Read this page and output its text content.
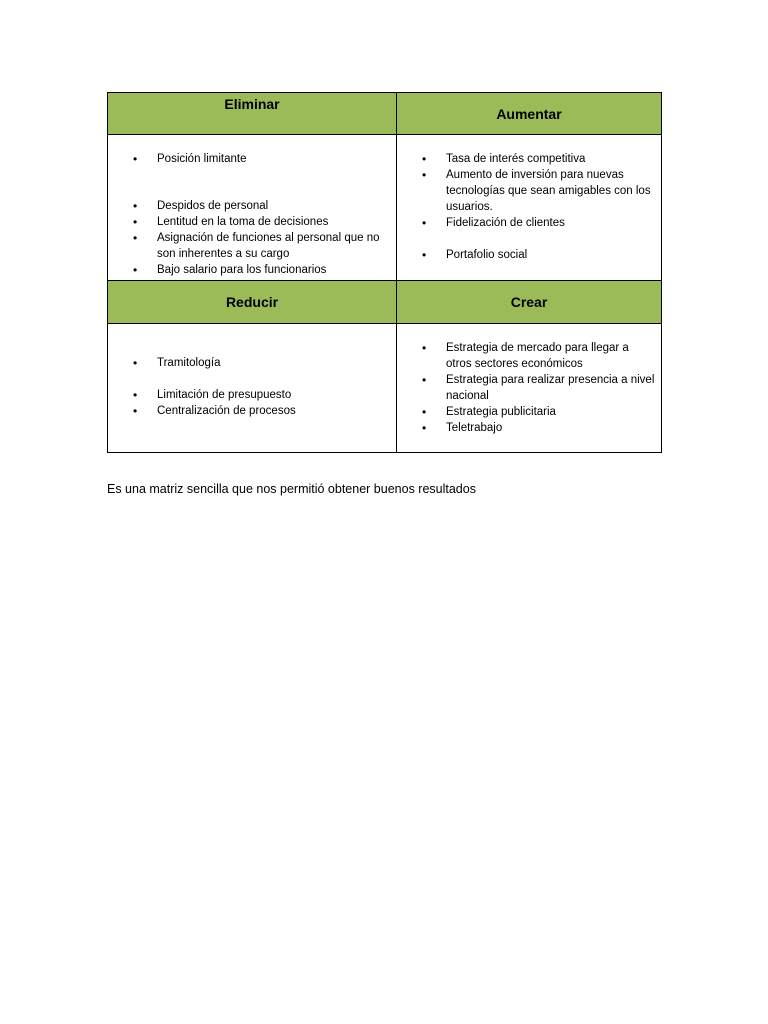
Eliminar
Aumentar
• Posición limitante
• Despidos de personal
• Lentitud en la toma de decisiones
• Asignación de funciones al personal que no son inherentes a su cargo
• Bajo salario para los funcionarios
• Tasa de interés competitiva
• Aumento de inversión para nuevas tecnologías que sean amigables con los usuarios.
• Fidelización de clientes
• Portafolio social
Reducir	Crear
• Tramitología
• Limitación de presupuesto
• Centralización de procesos
• Estrategia de mercado para llegar a otros sectores económicos
• Estrategia para realizar presencia a nivel nacional
• Estrategia publicitaria
• Teletrabajo
Es una matriz sencilla que nos permitió obtener buenos resultados
